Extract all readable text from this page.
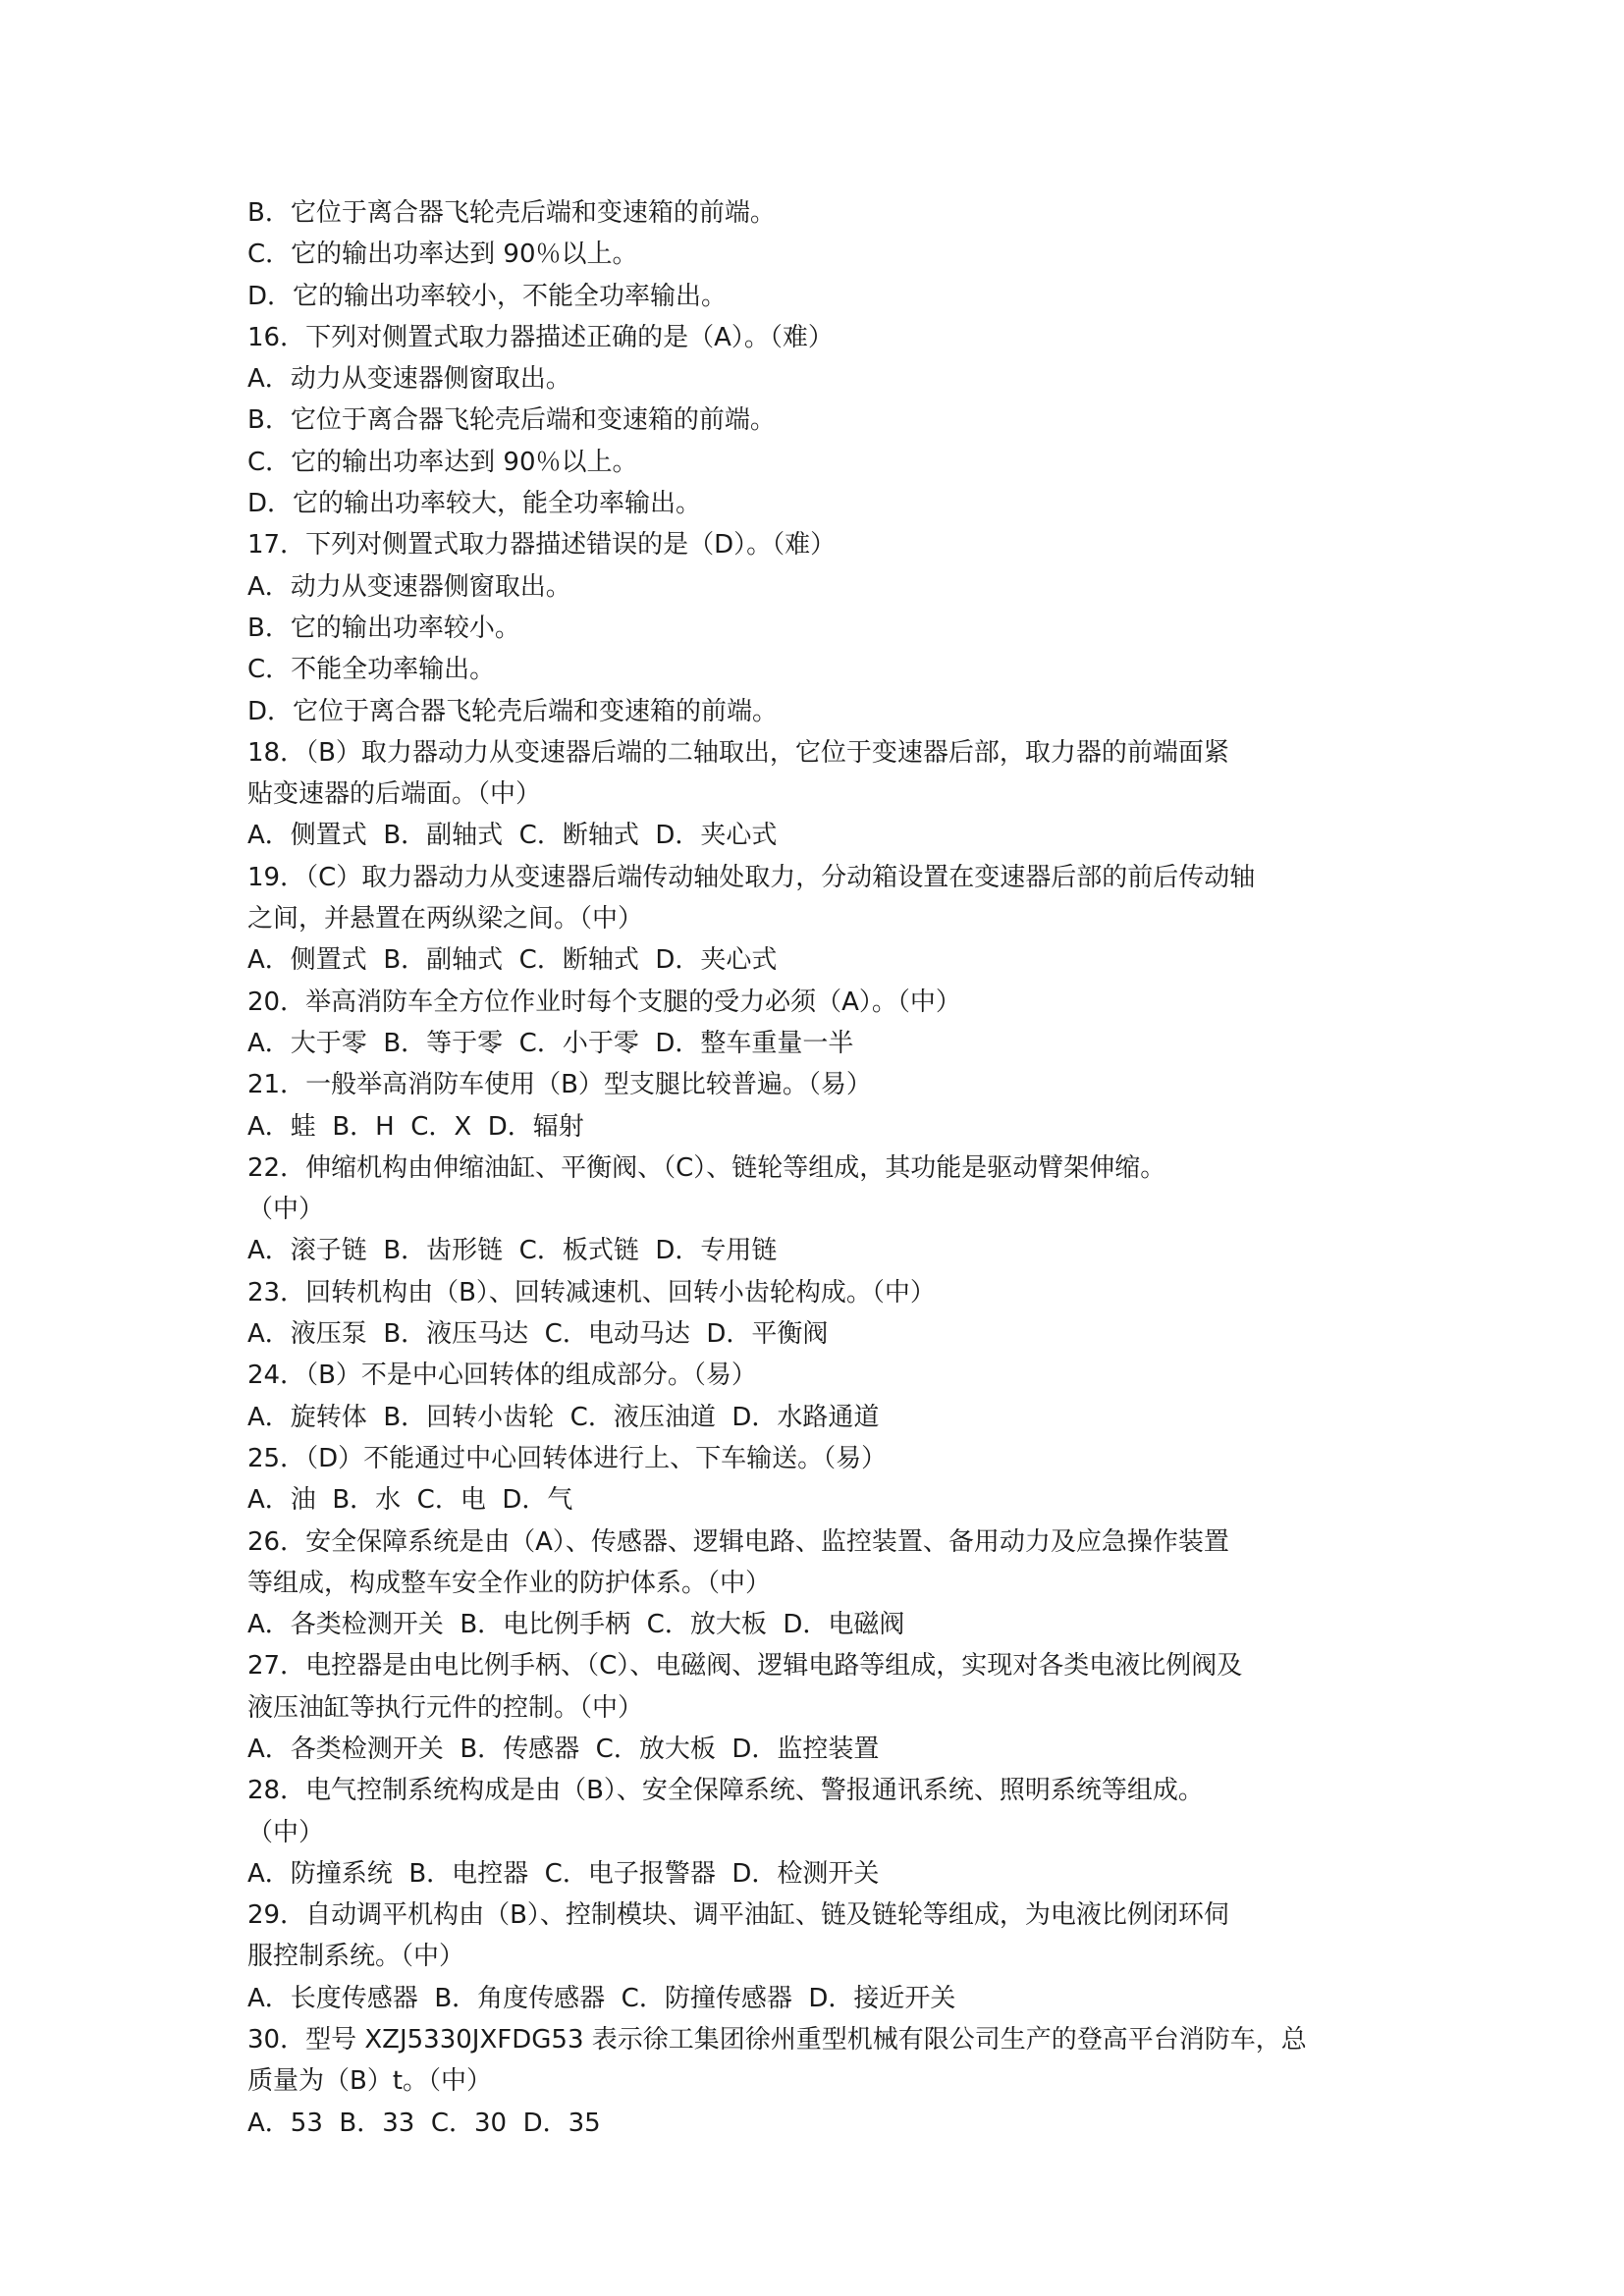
B．它位于离合器飞轮壳后端和变速箱的前端。
C．它的输出功率达到 90％以上。
D．它的输出功率较小，不能全功率输出。
16．下列对侧置式取力器描述正确的是（A）。（难）
A．动力从变速器侧窗取出。
B．它位于离合器飞轮壳后端和变速箱的前端。
C．它的输出功率达到 90％以上。
D．它的输出功率较大，能全功率输出。
17．下列对侧置式取力器描述错误的是（D）。（难）
A．动力从变速器侧窗取出。
B．它的输出功率较小。
C．不能全功率输出。
D．它位于离合器飞轮壳后端和变速箱的前端。
18．（B）取力器动力从变速器后端的二轴取出，它位于变速器后部，取力器的前端面紧
贴变速器的后端面。（中）
A．侧置式  B．副轴式  C．断轴式  D．夹心式
19．（C）取力器动力从变速器后端传动轴处取力，分动箱设置在变速器后部的前后传动轴
之间，并悬置在两纵梁之间。（中）
A．侧置式  B．副轴式  C．断轴式  D．夹心式
20．举高消防车全方位作业时每个支腿的受力必须（A）。（中）
A．大于零  B．等于零  C．小于零  D．整车重量一半
21．一般举高消防车使用（B）型支腿比较普遍。（易）
A．蛙  B．H  C．X  D．辐射
22．伸缩机构由伸缩油缸、平衡阀、（C）、链轮等组成，其功能是驱动臂架伸缩。
（中）
A．滚子链  B．齿形链  C．板式链  D．专用链
23．回转机构由（B）、回转减速机、回转小齿轮构成。（中）
A．液压泵  B．液压马达  C．电动马达  D．平衡阀
24．（B）不是中心回转体的组成部分。（易）
A．旋转体  B．回转小齿轮  C．液压油道  D．水路通道
25．（D）不能通过中心回转体进行上、下车输送。（易）
A．油  B．水  C．电  D．气
26．安全保障系统是由（A）、传感器、逻辑电路、监控装置、备用动力及应急操作装置
等组成，构成整车安全作业的防护体系。（中）
A．各类检测开关  B．电比例手柄  C．放大板  D．电磁阀
27．电控器是由电比例手柄、（C）、电磁阀、逻辑电路等组成，实现对各类电液比例阀及
液压油缸等执行元件的控制。（中）
A．各类检测开关  B．传感器  C．放大板  D．监控装置
28．电气控制系统构成是由（B）、安全保障系统、警报通讯系统、照明系统等组成。
（中）
A．防撞系统  B．电控器  C．电子报警器  D．检测开关
29．自动调平机构由（B）、控制模块、调平油缸、链及链轮等组成，为电液比例闭环伺
服控制系统。（中）
A．长度传感器  B．角度传感器  C．防撞传感器  D．接近开关
30．型号 XZJ5330JXFDG53 表示徐工集团徐州重型机械有限公司生产的登高平台消防车，总
质量为（B）t。（中）
A．53  B．33  C．30  D．35
